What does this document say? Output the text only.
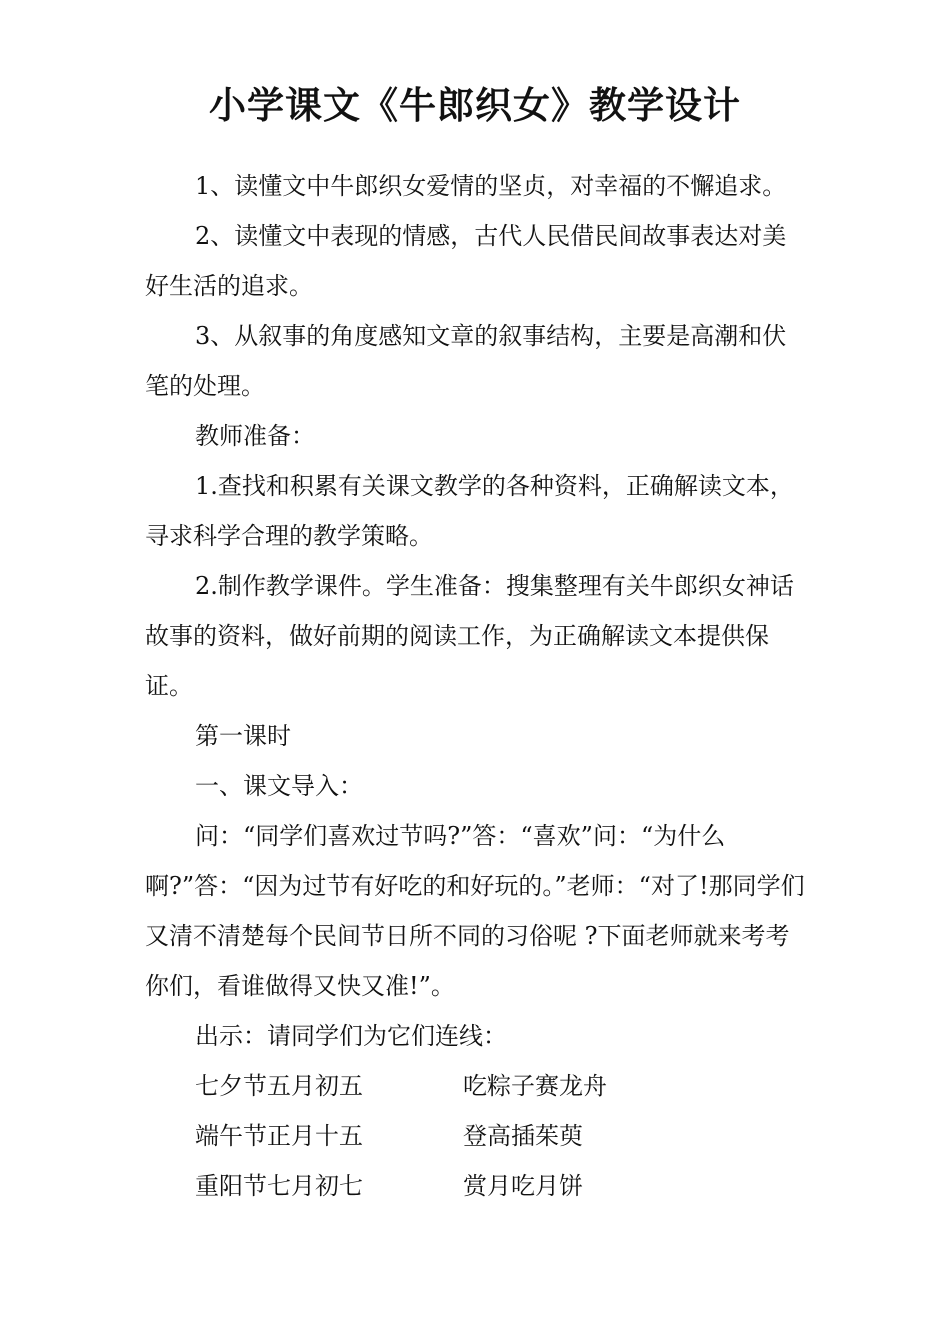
小学课文《牛郎织女》教学设计

1、读懂文中牛郎织女爱情的坚贞，对幸福的不懈追求。

2、读懂文中表现的情感，古代人民借民间故事表达对美好生活的追求。

3、从叙事的角度感知文章的叙事结构，主要是高潮和伏笔的处理。

教师准备：

1.查找和积累有关课文教学的各种资料，正确解读文本，寻求科学合理的教学策略。

2.制作教学课件。学生准备：搜集整理有关牛郎织女神话故事的资料，做好前期的阅读工作，为正确解读文本提供保证。

第一课时

一、课文导入：

问：“同学们喜欢过节吗?”答：“喜欢”问：“为什么啊?”答：“因为过节有好吃的和好玩的。”老师：“对了!那同学们又清不清楚每个民间节日所不同的习俗呢 ?下面老师就来考考你们，看谁做得又快又准!”。

出示：请同学们为它们连线：

七夕节五月初五	吃粽子赛龙舟
端午节正月十五	登高插茱萸
重阳节七月初七	赏月吃月饼
